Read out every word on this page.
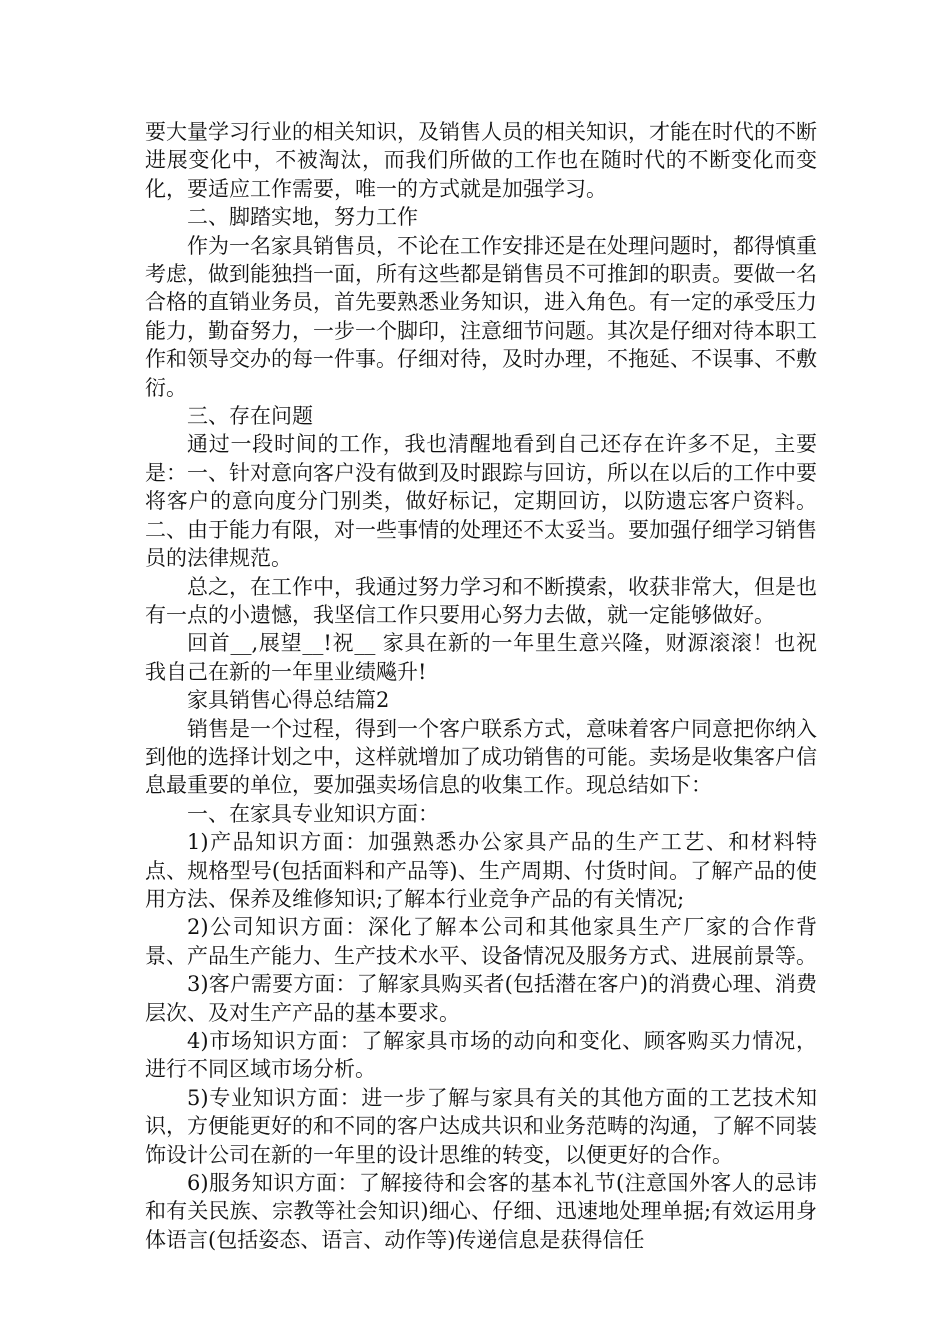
要大量学习行业的相关知识，及销售人员的相关知识，才能在时代的不断进展变化中，不被淘汰，而我们所做的工作也在随时代的不断变化而变化，要适应工作需要，唯一的方式就是加强学习。

二、脚踏实地，努力工作

作为一名家具销售员，不论在工作安排还是在处理问题时，都得慎重考虑，做到能独挡一面，所有这些都是销售员不可推卸的职责。要做一名合格的直销业务员，首先要熟悉业务知识，进入角色。有一定的承受压力能力，勤奋努力，一步一个脚印，注意细节问题。其次是仔细对待本职工作和领导交办的每一件事。仔细对待，及时办理，不拖延、不误事、不敷衍。

三、存在问题

通过一段时间的工作，我也清醒地看到自己还存在许多不足，主要是：一、针对意向客户没有做到及时跟踪与回访，所以在以后的工作中要将客户的意向度分门别类，做好标记，定期回访，以防遗忘客户资料。二、由于能力有限，对一些事情的处理还不太妥当。要加强仔细学习销售员的法律规范。

总之，在工作中，我通过努力学习和不断摸索，收获非常大，但是也有一点的小遗憾，我坚信工作只要用心努力去做，就一定能够做好。

回首__,展望__!祝__ 家具在新的一年里生意兴隆，财源滚滚！也祝我自己在新的一年里业绩飚升!

家具销售心得总结篇2

销售是一个过程，得到一个客户联系方式，意味着客户同意把你纳入到他的选择计划之中，这样就增加了成功销售的可能。卖场是收集客户信息最重要的单位，要加强卖场信息的收集工作。现总结如下：

一、在家具专业知识方面：

1)产品知识方面：加强熟悉办公家具产品的生产工艺、和材料特点、规格型号(包括面料和产品等)、生产周期、付货时间。了解产品的使用方法、保养及维修知识;了解本行业竞争产品的有关情况;

2)公司知识方面：深化了解本公司和其他家具生产厂家的合作背景、产品生产能力、生产技术水平、设备情况及服务方式、进展前景等。

3)客户需要方面：了解家具购买者(包括潜在客户)的消费心理、消费层次、及对生产产品的基本要求。

4)市场知识方面：了解家具市场的动向和变化、顾客购买力情况，进行不同区域市场分析。

5)专业知识方面：进一步了解与家具有关的其他方面的工艺技术知识，方便能更好的和不同的客户达成共识和业务范畴的沟通，了解不同装饰设计公司在新的一年里的设计思维的转变，以便更好的合作。

6)服务知识方面：了解接待和会客的基本礼节(注意国外客人的忌讳和有关民族、宗教等社会知识)细心、仔细、迅速地处理单据;有效运用身体语言(包括姿态、语言、动作等)传递信息是获得信任
